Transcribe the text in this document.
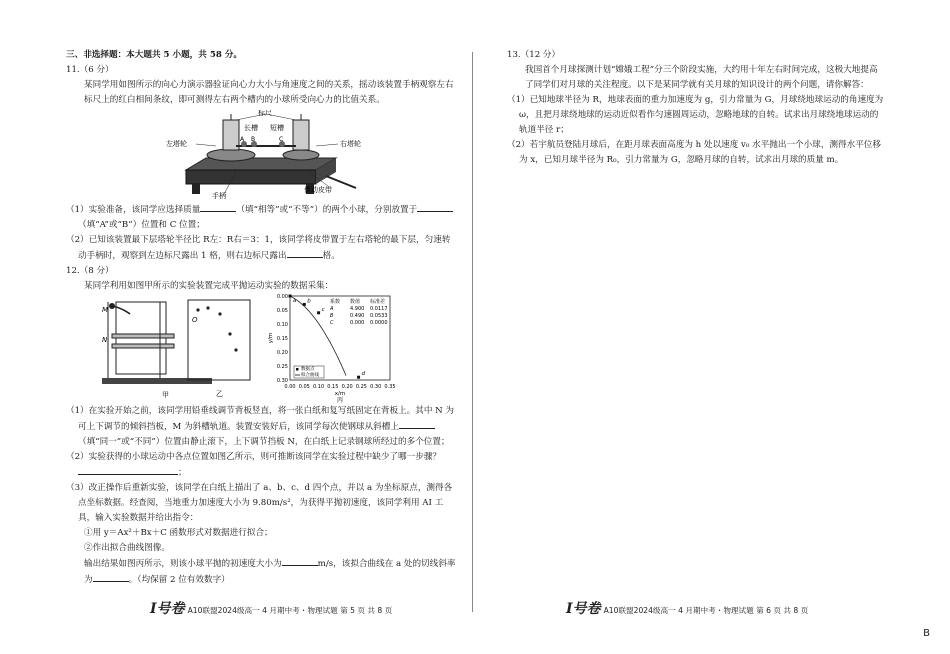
三、非选择题：本大题共 5 小题，共 58 分。

11.（6 分）

某同学用如图所示的向心力演示器验证向心力大小与角速度之间的关系，摇动该装置手柄观察左右标尺上的红白相间条纹，即可测得左右两个槽内的小球所受向心力的比值关系。

标尺
长槽 短槽
左塔轮	右塔轮
手柄
传动皮带
A B	C

（1）实验准备，该同学应选择质量	（填“相等”或“不等”）的两个小球，分别放置于（填“A”或“B”）位置和 C 位置；

（2）已知该装置最下层塔轮半径比 R左：R右＝3：1，该同学将皮带置于左右塔轮的最下层，匀速转动手柄时，观察到左边标尺露出 1 格，则右边标尺露出	格。

12.（8 分）

某同学利用如图甲所示的实验装置完成平抛运动实验的数据采集：

M
N
甲
O
乙
0.00 0.05 0.10 0.15 0.20 0.25 0.30 0.35
0.00
0.05
0.10
0.15
0.20
0.25
0.30
x/m
y/m
丙
a b
c
d
系数 数值 标准差
A	4.900 0.0117
B	0.490 0.0533
C	0.000 0.0000
数据点
拟合曲线

（1）在实验开始之前，该同学用铅垂线调节背板竖直，将一张白纸和复写纸固定在背板上。其中 N 为可上下调节的倾斜挡板，M 为斜槽轨道。装置安装好后，该同学每次使钢球从斜槽上（填“同一”或“不同”）位置由静止滚下，上下调节挡板 N，在白纸上记录钢球所经过的多个位置；

（2）实验获得的小球运动中各点位置如图乙所示，则可推断该同学在实验过程中缺少了哪一步骤？；

（3）改正操作后重新实验，该同学在白纸上描出了 a、b、c、d 四个点，并以 a 为坐标原点，测得各点坐标数据。经查阅，当地重力加速度大小为 9.80m/s²，为获得平抛初速度，该同学利用 AI 工具，输入实验数据并给出指令：

①用 y＝Ax²＋Bx＋C 函数形式对数据进行拟合；

②作出拟合曲线图像。

输出结果如图丙所示，则该小球平抛的初速度大小为	m/s，该拟合曲线在 a 处的切线斜率为	。（均保留 2 位有效数字）

13.（12 分）

我国首个月球探测计划“嫦娥工程”分三个阶段实施，大约用十年左右时间完成，这极大地提高了同学们对月球的关注程度。以下是某同学就有关月球的知识设计的两个问题，请你解答：

（1）已知地球半径为 R，地球表面的重力加速度为 g，引力常量为 G，月球绕地球运动的角速度为 ω，且把月球绕地球的运动近似看作匀速圆周运动，忽略地球的自转。试求出月球绕地球运动的轨道半径 r；

（2）若宇航员登陆月球后，在距月球表面高度为 h 处以速度 v₀ 水平抛出一个小球，测得水平位移为 x，已知月球半径为 R₀，引力常量为 G，忽略月球的自转，试求出月球的质量 m。

I号卷 A10联盟2024级高一 4 月期中考・物理试题 第 5 页 共 8 页	I号卷 A10联盟2024级高一 4 月期中考・物理试题 第 6 页 共 8 页
B
